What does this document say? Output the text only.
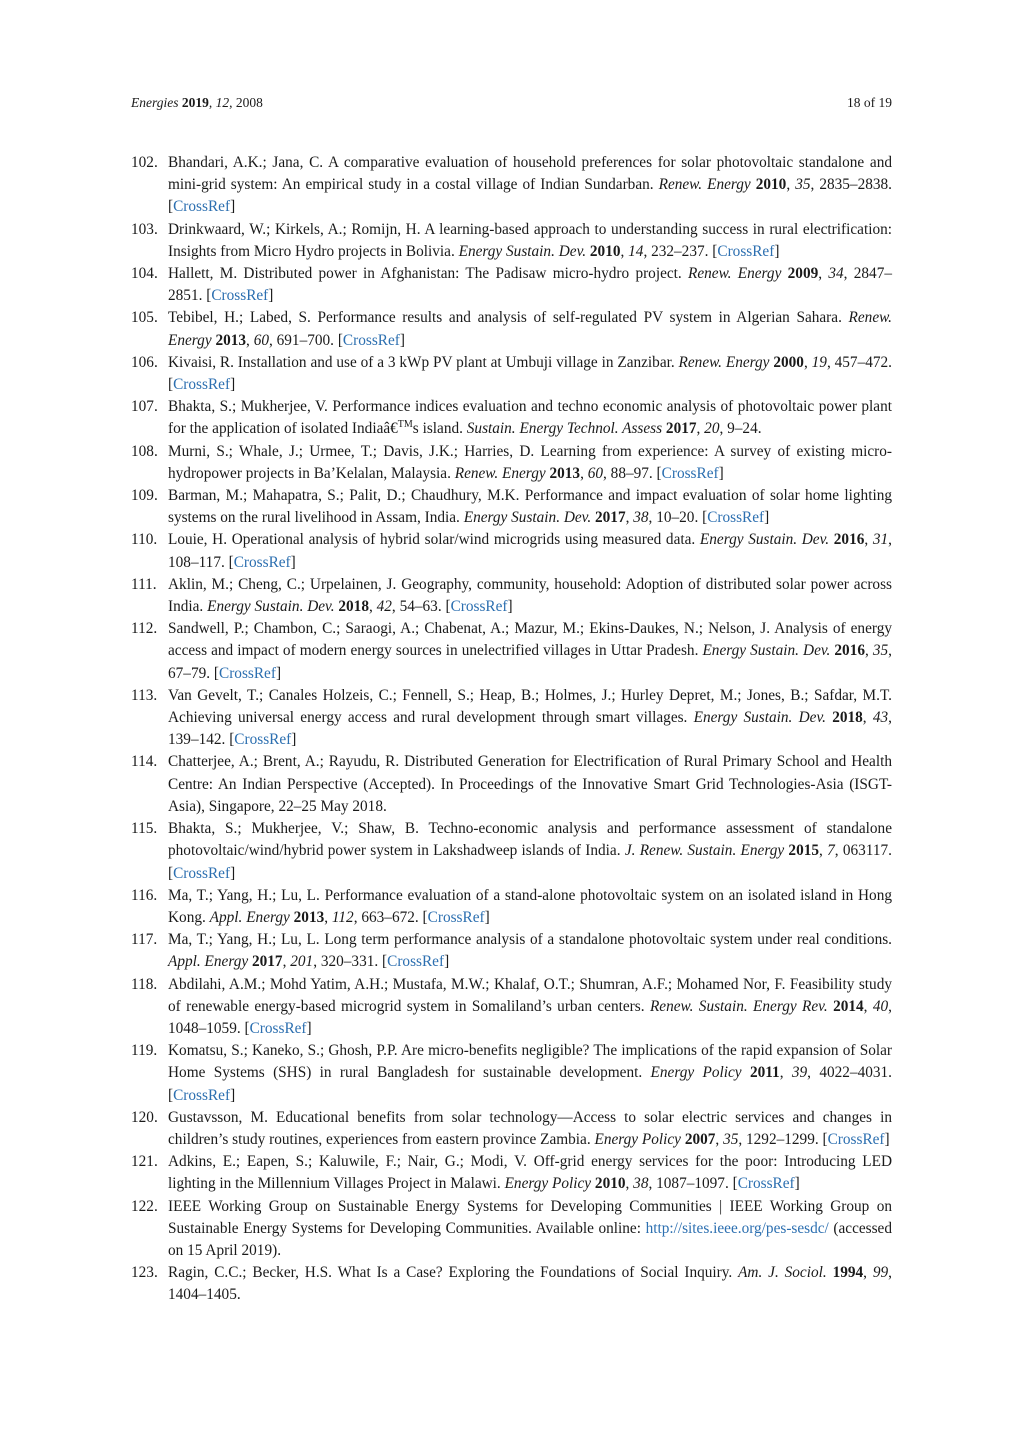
Energies 2019, 12, 2008	18 of 19
102. Bhandari, A.K.; Jana, C. A comparative evaluation of household preferences for solar photovoltaic standalone and mini-grid system: An empirical study in a costal village of Indian Sundarban. Renew. Energy 2010, 35, 2835–2838. [CrossRef]
103. Drinkwaard, W.; Kirkels, A.; Romijn, H. A learning-based approach to understanding success in rural electrification: Insights from Micro Hydro projects in Bolivia. Energy Sustain. Dev. 2010, 14, 232–237. [CrossRef]
104. Hallett, M. Distributed power in Afghanistan: The Padisaw micro-hydro project. Renew. Energy 2009, 34, 2847–2851. [CrossRef]
105. Tebibel, H.; Labed, S. Performance results and analysis of self-regulated PV system in Algerian Sahara. Renew. Energy 2013, 60, 691–700. [CrossRef]
106. Kivaisi, R. Installation and use of a 3 kWp PV plant at Umbuji village in Zanzibar. Renew. Energy 2000, 19, 457–472. [CrossRef]
107. Bhakta, S.; Mukherjee, V. Performance indices evaluation and techno economic analysis of photovoltaic power plant for the application of isolated Indiaâ€™s island. Sustain. Energy Technol. Assess 2017, 20, 9–24.
108. Murni, S.; Whale, J.; Urmee, T.; Davis, J.K.; Harries, D. Learning from experience: A survey of existing micro-hydropower projects in Ba’Kelalan, Malaysia. Renew. Energy 2013, 60, 88–97. [CrossRef]
109. Barman, M.; Mahapatra, S.; Palit, D.; Chaudhury, M.K. Performance and impact evaluation of solar home lighting systems on the rural livelihood in Assam, India. Energy Sustain. Dev. 2017, 38, 10–20. [CrossRef]
110. Louie, H. Operational analysis of hybrid solar/wind microgrids using measured data. Energy Sustain. Dev. 2016, 31, 108–117. [CrossRef]
111. Aklin, M.; Cheng, C.; Urpelainen, J. Geography, community, household: Adoption of distributed solar power across India. Energy Sustain. Dev. 2018, 42, 54–63. [CrossRef]
112. Sandwell, P.; Chambon, C.; Saraogi, A.; Chabenat, A.; Mazur, M.; Ekins-Daukes, N.; Nelson, J. Analysis of energy access and impact of modern energy sources in unelectrified villages in Uttar Pradesh. Energy Sustain. Dev. 2016, 35, 67–79. [CrossRef]
113. Van Gevelt, T.; Canales Holzeis, C.; Fennell, S.; Heap, B.; Holmes, J.; Hurley Depret, M.; Jones, B.; Safdar, M.T. Achieving universal energy access and rural development through smart villages. Energy Sustain. Dev. 2018, 43, 139–142. [CrossRef]
114. Chatterjee, A.; Brent, A.; Rayudu, R. Distributed Generation for Electrification of Rural Primary School and Health Centre: An Indian Perspective (Accepted). In Proceedings of the Innovative Smart Grid Technologies-Asia (ISGT-Asia), Singapore, 22–25 May 2018.
115. Bhakta, S.; Mukherjee, V.; Shaw, B. Techno-economic analysis and performance assessment of standalone photovoltaic/wind/hybrid power system in Lakshadweep islands of India. J. Renew. Sustain. Energy 2015, 7, 063117. [CrossRef]
116. Ma, T.; Yang, H.; Lu, L. Performance evaluation of a stand-alone photovoltaic system on an isolated island in Hong Kong. Appl. Energy 2013, 112, 663–672. [CrossRef]
117. Ma, T.; Yang, H.; Lu, L. Long term performance analysis of a standalone photovoltaic system under real conditions. Appl. Energy 2017, 201, 320–331. [CrossRef]
118. Abdilahi, A.M.; Mohd Yatim, A.H.; Mustafa, M.W.; Khalaf, O.T.; Shumran, A.F.; Mohamed Nor, F. Feasibility study of renewable energy-based microgrid system in Somaliland’s urban centers. Renew. Sustain. Energy Rev. 2014, 40, 1048–1059. [CrossRef]
119. Komatsu, S.; Kaneko, S.; Ghosh, P.P. Are micro-benefits negligible? The implications of the rapid expansion of Solar Home Systems (SHS) in rural Bangladesh for sustainable development. Energy Policy 2011, 39, 4022–4031. [CrossRef]
120. Gustavsson, M. Educational benefits from solar technology—Access to solar electric services and changes in children’s study routines, experiences from eastern province Zambia. Energy Policy 2007, 35, 1292–1299. [CrossRef]
121. Adkins, E.; Eapen, S.; Kaluwile, F.; Nair, G.; Modi, V. Off-grid energy services for the poor: Introducing LED lighting in the Millennium Villages Project in Malawi. Energy Policy 2010, 38, 1087–1097. [CrossRef]
122. IEEE Working Group on Sustainable Energy Systems for Developing Communities | IEEE Working Group on Sustainable Energy Systems for Developing Communities. Available online: http://sites.ieee.org/pes-sesdc/ (accessed on 15 April 2019).
123. Ragin, C.C.; Becker, H.S. What Is a Case? Exploring the Foundations of Social Inquiry. Am. J. Sociol. 1994, 99, 1404–1405.
